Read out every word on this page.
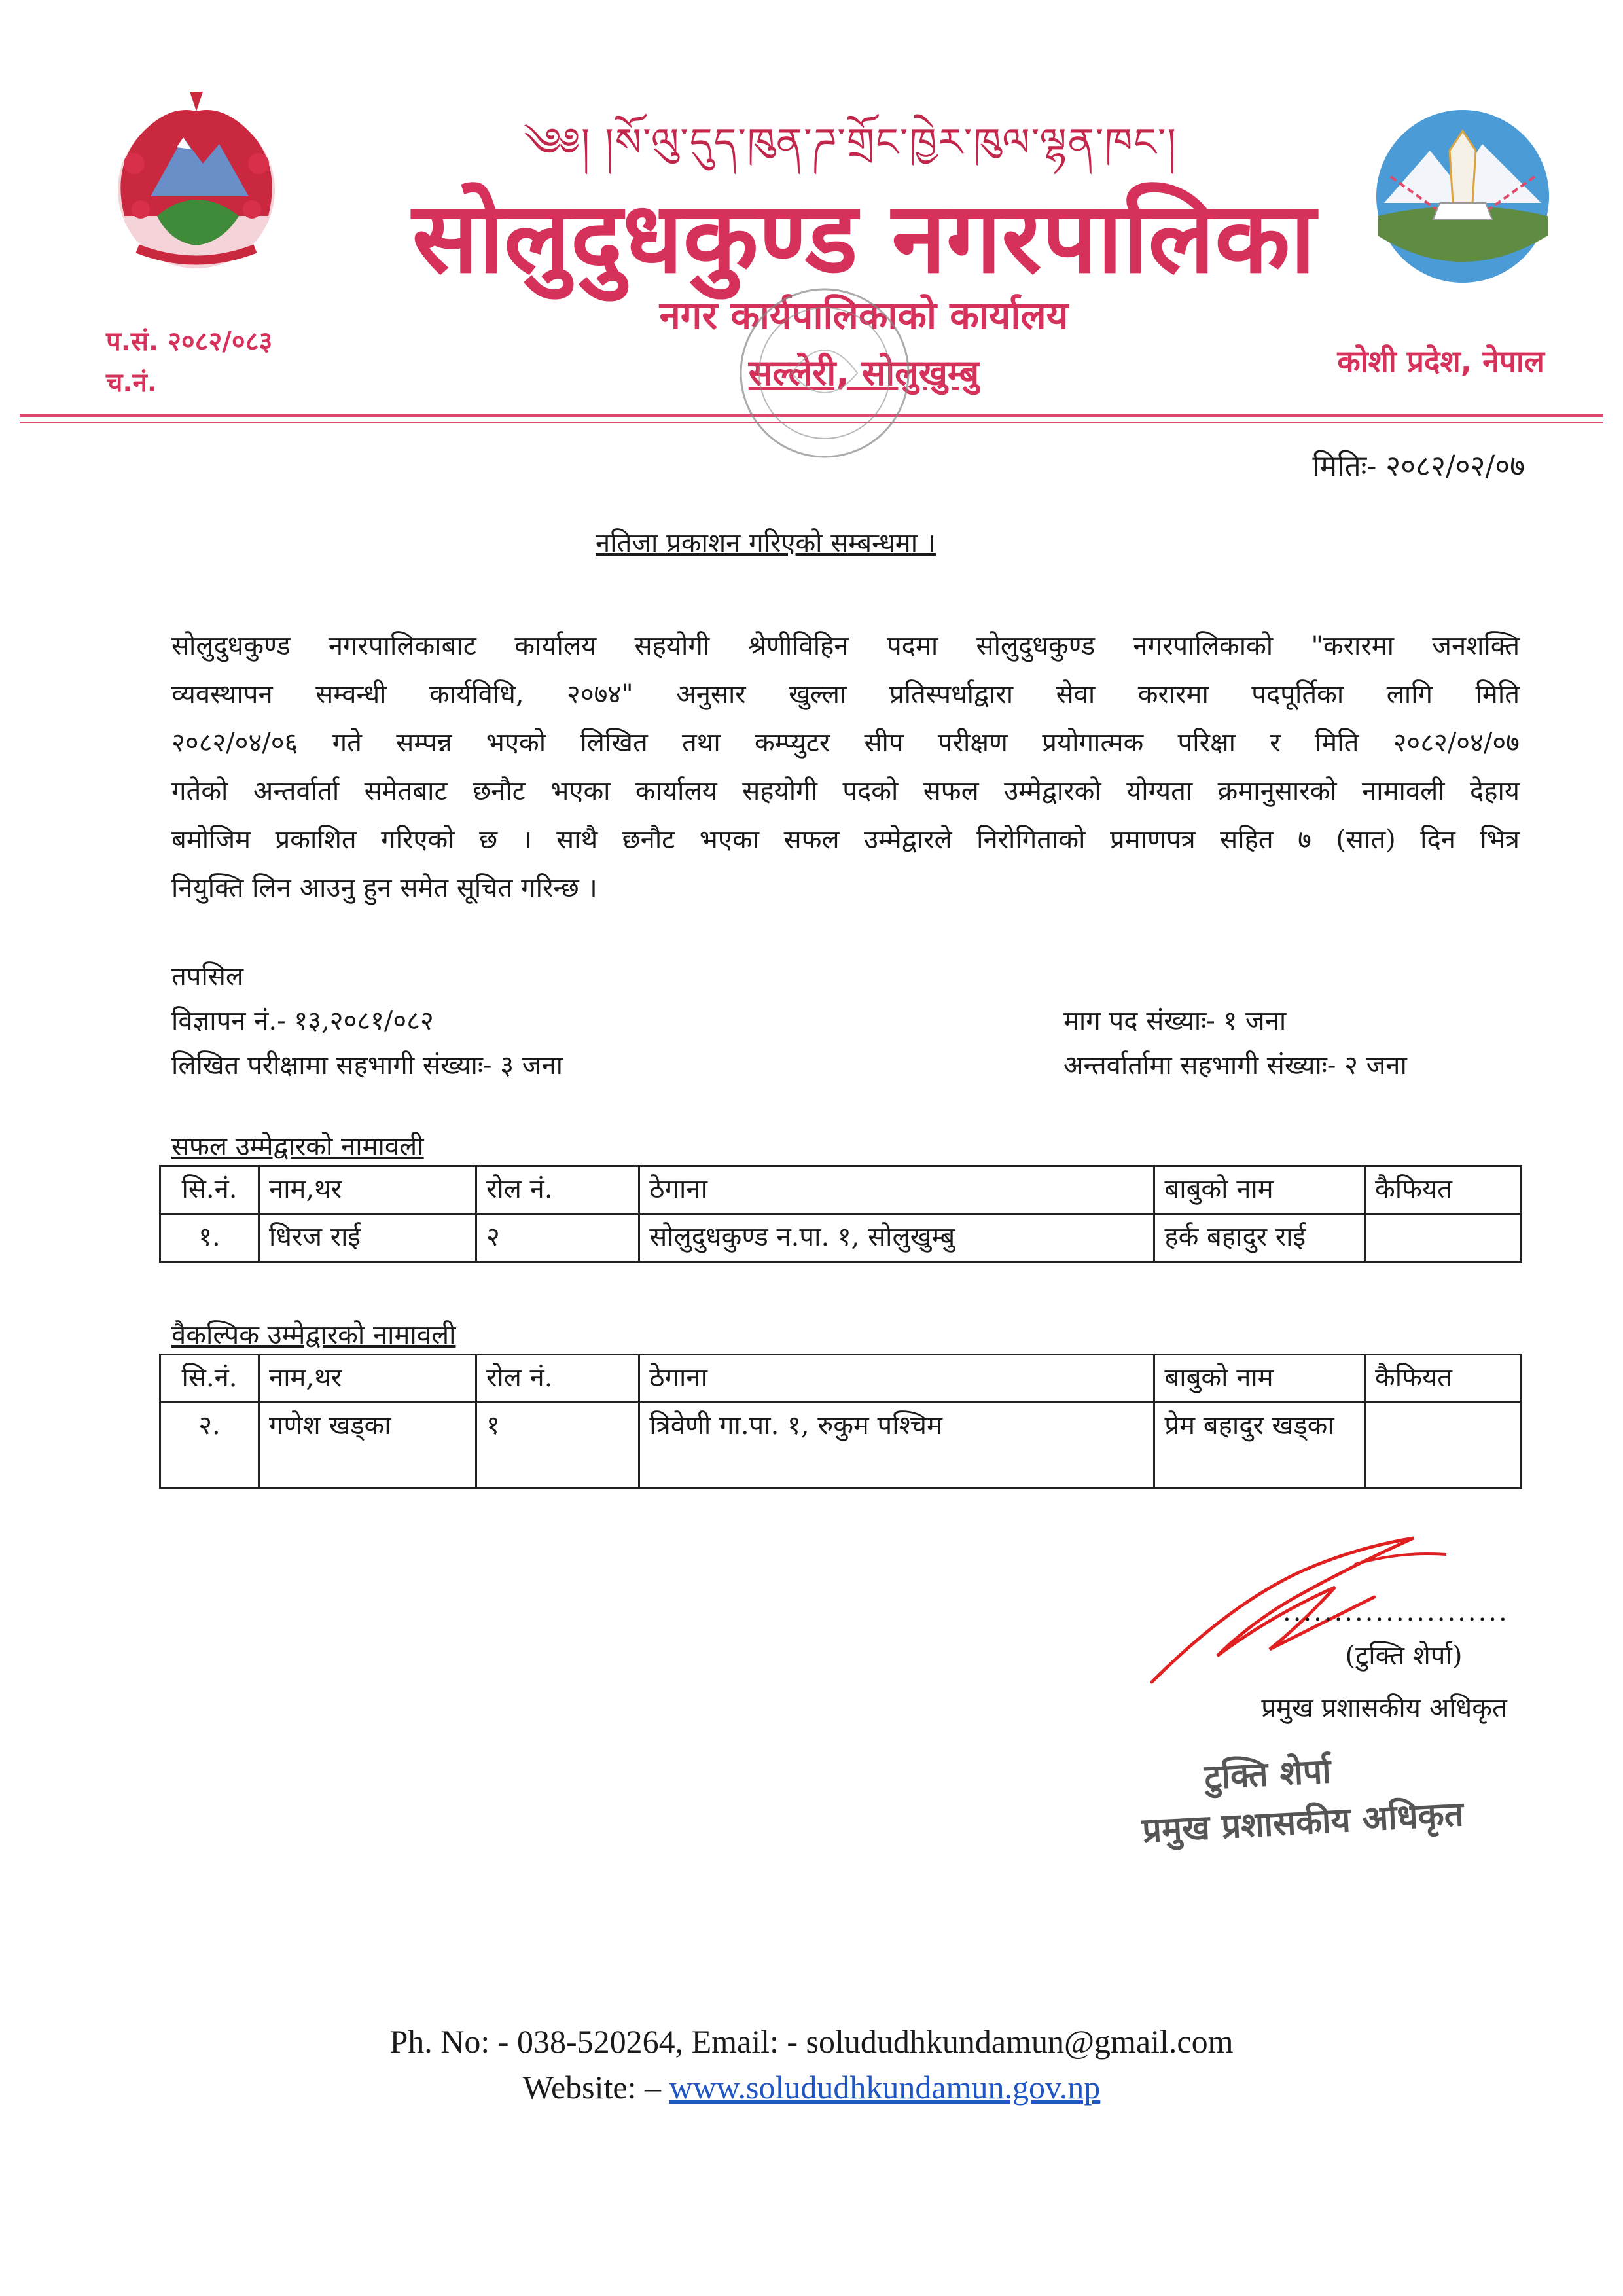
༄༅། །སོ་ལུ་དུད་ཁུན་ཌ་གྲོང་ཁྱེར་ཁུལ་ལྷན་ཁང་།
सोलुदुधकुण्ड नगरपालिका
नगर कार्यपालिकाको कार्यालय
सल्लेरी, सोलुखुम्बु
प.सं. २०८२/०८३
च.नं.
कोशी प्रदेश, नेपाल
मितिः- २०८२/०२/०७
नतिजा प्रकाशन गरिएको सम्बन्धमा ।
सोलुदुधकुण्ड नगरपालिकाबाट कार्यालय सहयोगी श्रेणीविहिन पदमा सोलुदुधकुण्ड नगरपालिकाको "करारमा जनशक्ति
व्यवस्थापन सम्वन्धी कार्यविधि, २०७४" अनुसार खुल्ला प्रतिस्पर्धाद्वारा सेवा करारमा पदपूर्तिका लागि मिति
२०८२/०४/०६ गते सम्पन्न भएको लिखित तथा कम्प्युटर सीप परीक्षण प्रयोगात्मक परिक्षा र मिति २०८२/०४/०७
गतेको अन्तर्वार्ता समेतबाट छनौट भएका कार्यालय सहयोगी पदको सफल उम्मेद्वारको योग्यता क्रमानुसारको नामावली देहाय
बमोजिम प्रकाशित गरिएको छ । साथै छनौट भएका सफल उम्मेद्वारले निरोगिताको प्रमाणपत्र सहित ७ (सात) दिन भित्र
नियुक्ति लिन आउनु हुन समेत सूचित गरिन्छ ।
तपसिल
विज्ञापन नं.- १३,२०८१/०८२	माग पद संख्याः- १ जना
लिखित परीक्षामा सहभागी संख्याः- ३ जना	अन्तर्वार्तामा सहभागी संख्याः- २ जना
सफल उम्मेद्वारको नामावली
सि.नं.	नाम,थर	रोल नं.	ठेगाना	बाबुको नाम	कैफियत
१.	धिरज राई	२	सोलुदुधकुण्ड न.पा. १, सोलुखुम्बु	हर्क बहादुर राई	
वैकल्पिक उम्मेद्वारको नामावली
सि.नं.	नाम,थर	रोल नं.	ठेगाना	बाबुको नाम	कैफियत
२.	गणेश खड्का	१	त्रिवेणी गा.पा. १, रुकुम पश्चिम	प्रेम बहादुर खड्का	
......................
(टुक्ति शेर्पा)
प्रमुख प्रशासकीय अधिकृत
टुक्ति शेर्पा
प्रमुख प्रशासकीय अधिकृत
Ph. No: - 038-520264, Email: - solududhkundamun@gmail.com
Website: – www.solududhkundamun.gov.np
